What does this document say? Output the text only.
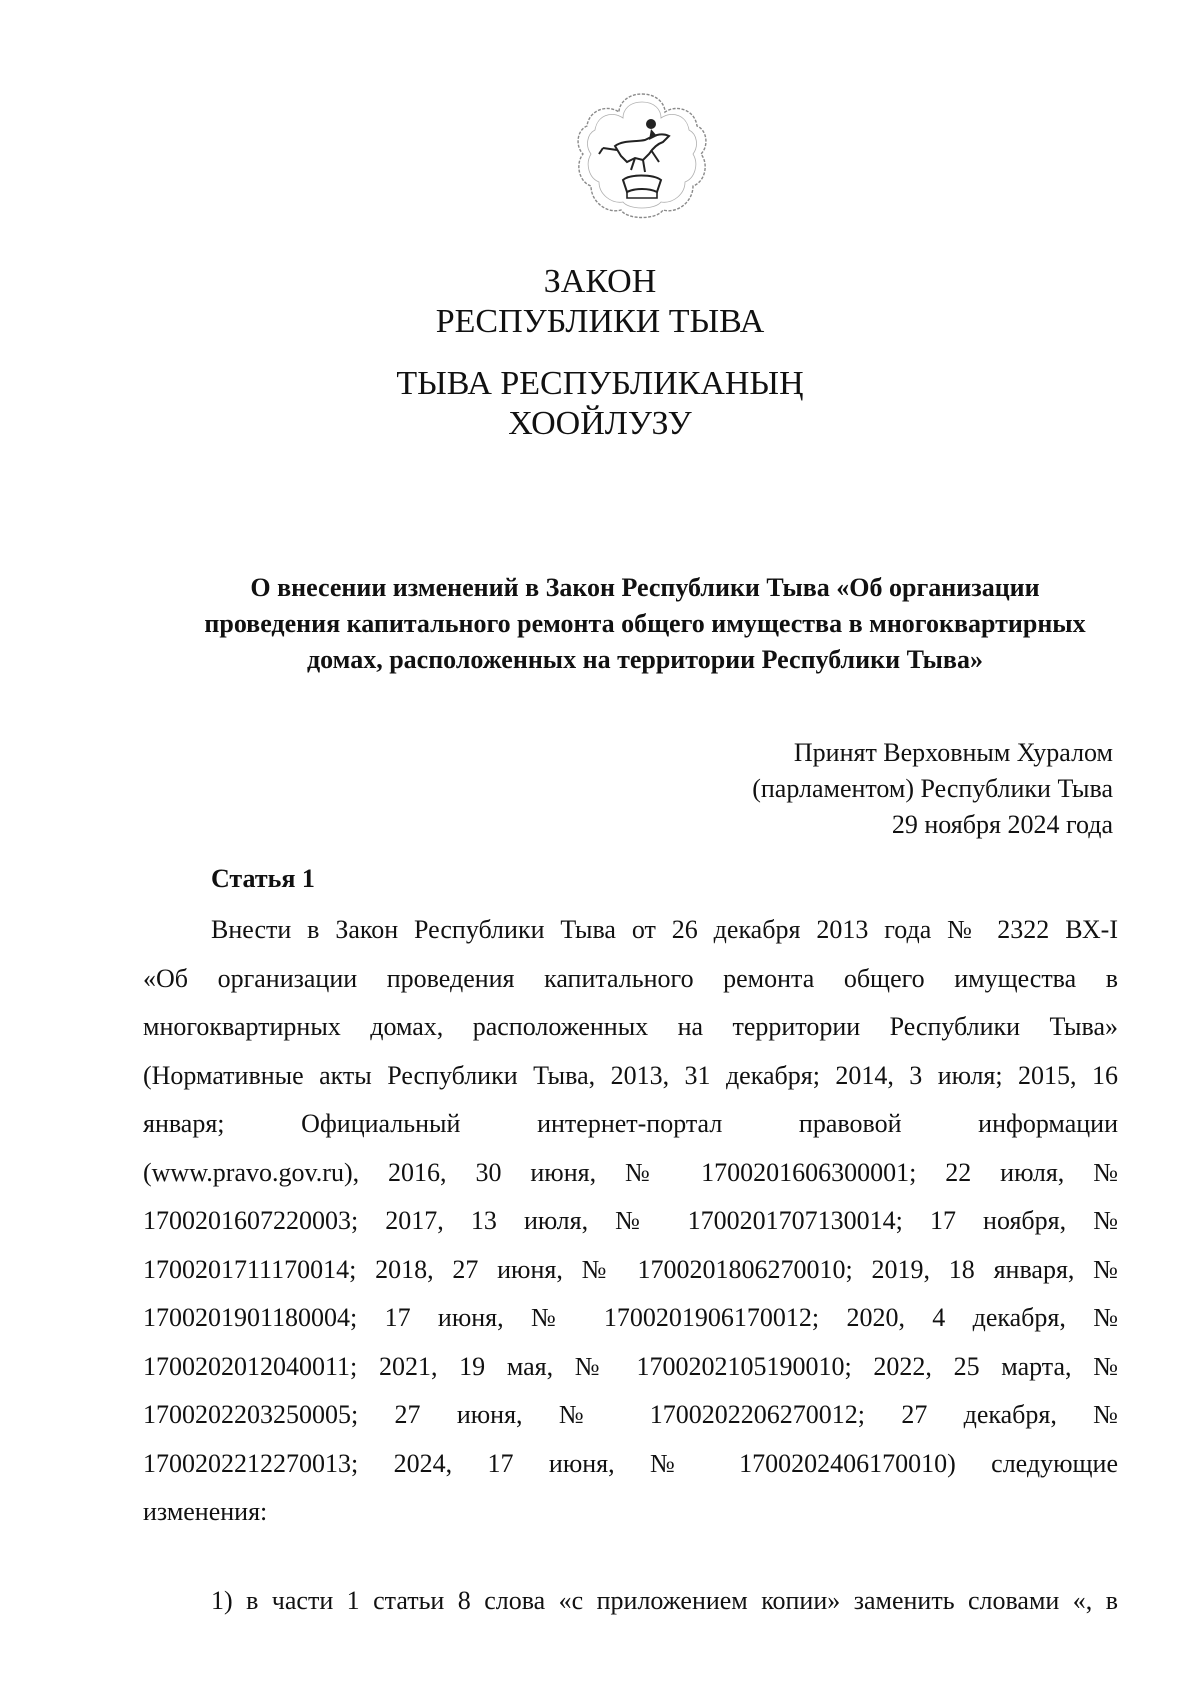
ЗАКОН
РЕСПУБЛИКИ ТЫВА
ТЫВА РЕСПУБЛИКАНЫҢ
ХООЙЛУЗУ
О внесении изменений в Закон Республики Тыва «Об организации
проведения капитального ремонта общего имущества в многоквартирных
домах, расположенных на территории Республики Тыва»
Принят Верховным Хуралом
(парламентом) Республики Тыва
29 ноября 2024 года
Статья 1
Внести в Закон Республики Тыва от 26 декабря 2013 года № 2322 ВХ-I
«Об организации проведения капитального ремонта общего имущества в
многоквартирных домах, расположенных на территории Республики Тыва»
(Нормативные акты Республики Тыва, 2013, 31 декабря; 2014, 3 июля; 2015, 16
января; Официальный интернет-портал правовой информации
(www.pravo.gov.ru), 2016, 30 июня, № 1700201606300001; 22 июля, №
1700201607220003; 2017, 13 июля, № 1700201707130014; 17 ноября, №
1700201711170014; 2018, 27 июня, № 1700201806270010; 2019, 18 января, №
1700201901180004; 17 июня, № 1700201906170012; 2020, 4 декабря, №
1700202012040011; 2021, 19 мая, № 1700202105190010; 2022, 25 марта, №
1700202203250005; 27 июня, № 1700202206270012; 27 декабря, №
1700202212270013; 2024, 17 июня, № 1700202406170010) следующие
изменения:
1) в части 1 статьи 8 слова «с приложением копии» заменить словами «, в
